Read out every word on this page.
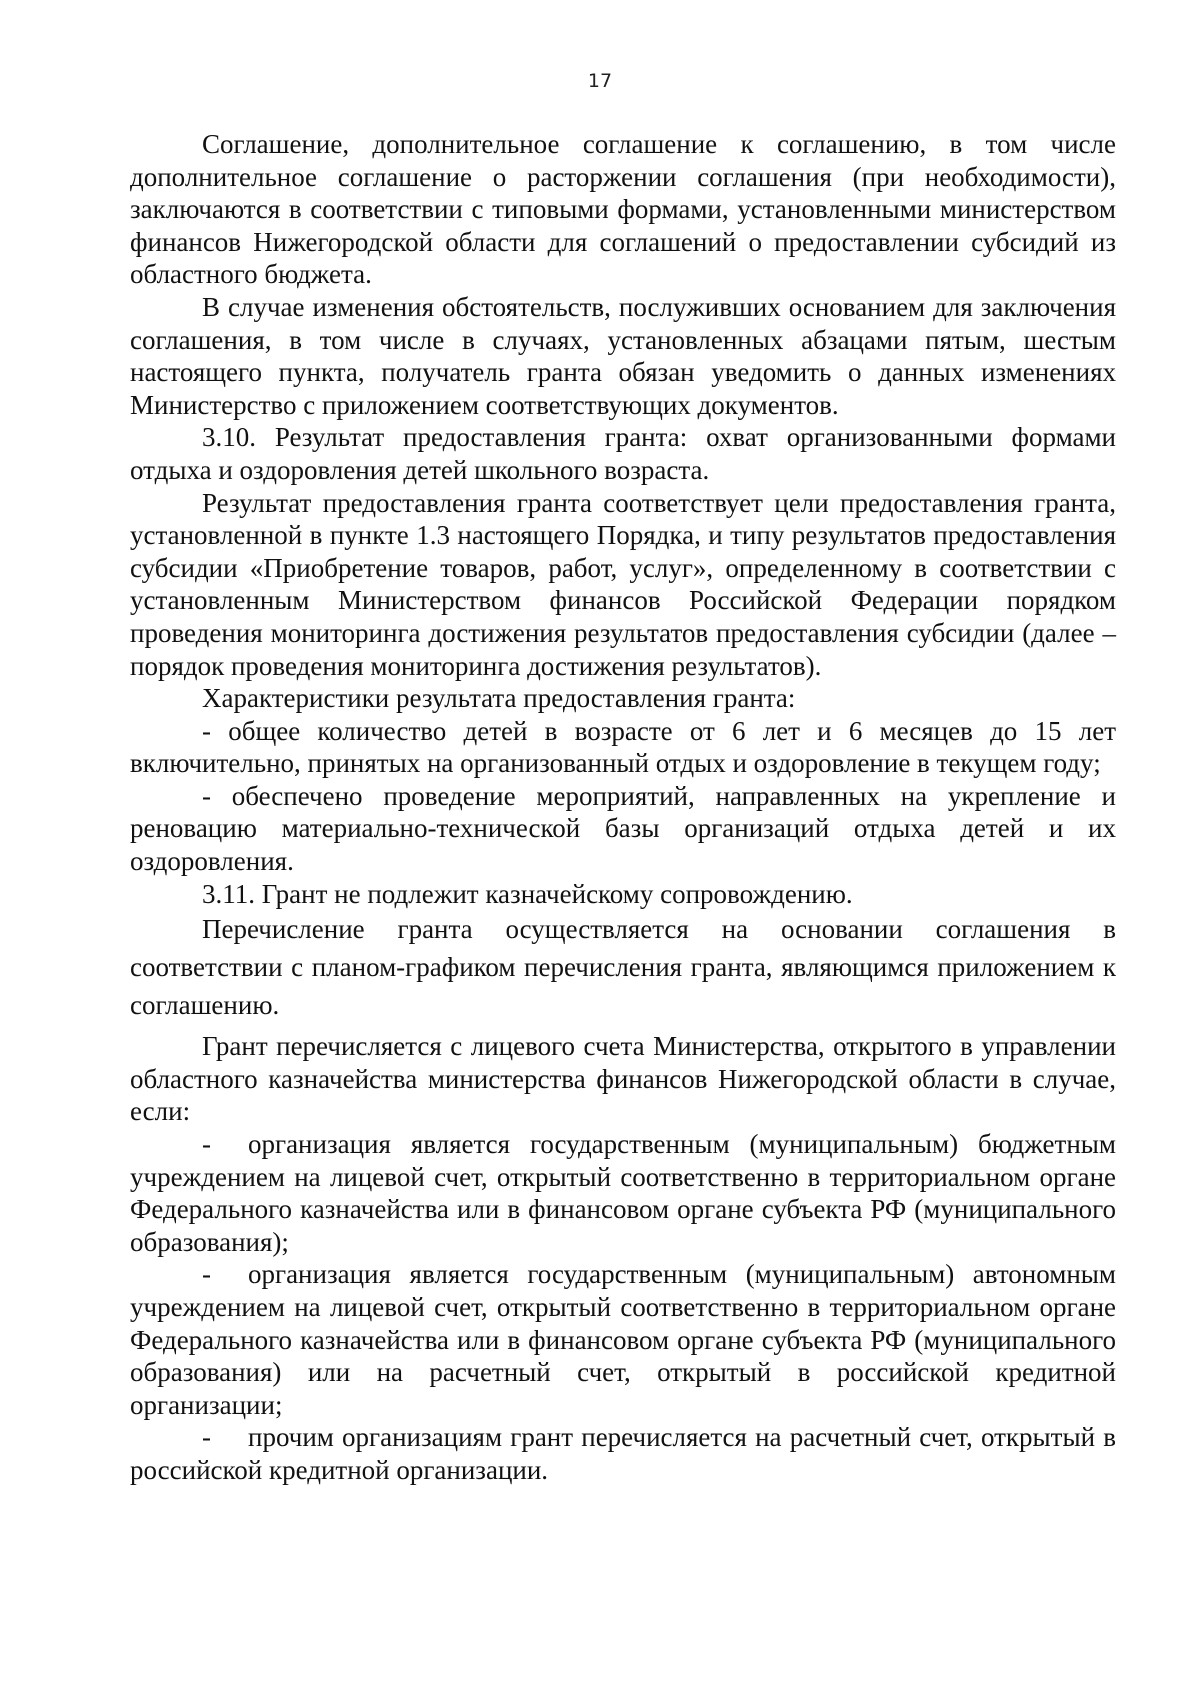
17

Соглашение, дополнительное соглашение к соглашению, в том числе дополнительное соглашение о расторжении соглашения (при необходимости), заключаются в соответствии с типовыми формами, установленными министерством финансов Нижегородской области для соглашений о предоставлении субсидий из областного бюджета.

В случае изменения обстоятельств, послуживших основанием для заключения соглашения, в том числе в случаях, установленных абзацами пятым, шестым настоящего пункта, получатель гранта обязан уведомить о данных изменениях Министерство с приложением соответствующих документов.

3.10. Результат предоставления гранта: охват организованными формами отдыха и оздоровления детей школьного возраста.

Результат предоставления гранта соответствует цели предоставления гранта, установленной в пункте 1.3 настоящего Порядка, и типу результатов предоставления субсидии «Приобретение товаров, работ, услуг», определенному в соответствии с установленным Министерством финансов Российской Федерации порядком проведения мониторинга достижения результатов предоставления субсидии (далее – порядок проведения мониторинга достижения результатов).

Характеристики результата предоставления гранта:

- общее количество детей в возрасте от 6 лет и 6 месяцев до 15 лет включительно, принятых на организованный отдых и оздоровление в текущем году;

- обеспечено проведение мероприятий, направленных на укрепление и реновацию материально-технической базы организаций отдыха детей и их оздоровления.

3.11. Грант не подлежит казначейскому сопровождению.

Перечисление гранта осуществляется на основании соглашения в соответствии с планом-графиком перечисления гранта, являющимся приложением к соглашению.

Грант перечисляется с лицевого счета Министерства, открытого в управлении областного казначейства министерства финансов Нижегородской области в случае, если:

- организация является государственным (муниципальным) бюджетным учреждением на лицевой счет, открытый соответственно в территориальном органе Федерального казначейства или в финансовом органе субъекта РФ (муниципального образования);

- организация является государственным (муниципальным) автономным учреждением на лицевой счет, открытый соответственно в территориальном органе Федерального казначейства или в финансовом органе субъекта РФ (муниципального образования) или на расчетный счет, открытый в российской кредитной организации;

- прочим организациям грант перечисляется на расчетный счет, открытый в российской кредитной организации.
